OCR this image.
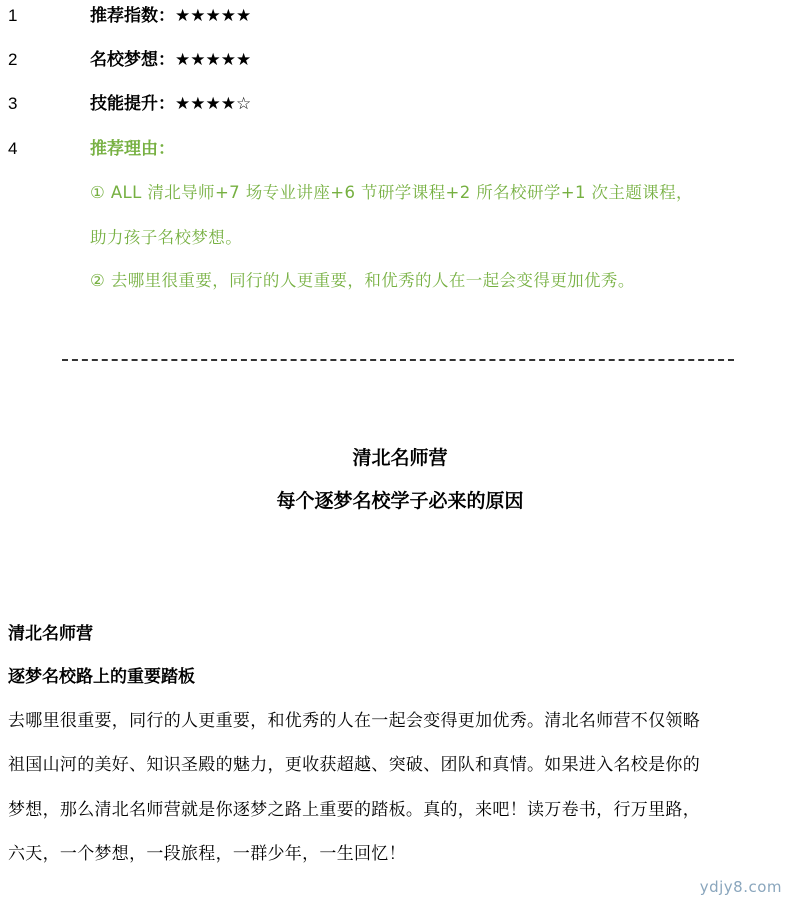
1	推荐指数：★★★★★
2	名校梦想：★★★★★
3	技能提升：★★★★☆
4	推荐理由：
① ALL 清北导师+7 场专业讲座+6 节研学课程+2 所名校研学+1 次主题课程，
助力孩子名校梦想。
② 去哪里很重要，同行的人更重要，和优秀的人在一起会变得更加优秀。
清北名师营
每个逐梦名校学子必来的原因
清北名师营
逐梦名校路上的重要踏板
去哪里很重要，同行的人更重要，和优秀的人在一起会变得更加优秀。清北名师营不仅领略
祖国山河的美好、知识圣殿的魅力，更收获超越、突破、团队和真情。如果进入名校是你的
梦想，那么清北名师营就是你逐梦之路上重要的踏板。真的，来吧！读万卷书，行万里路，
六天，一个梦想，一段旅程，一群少年，一生回忆！
ydjy8.com
